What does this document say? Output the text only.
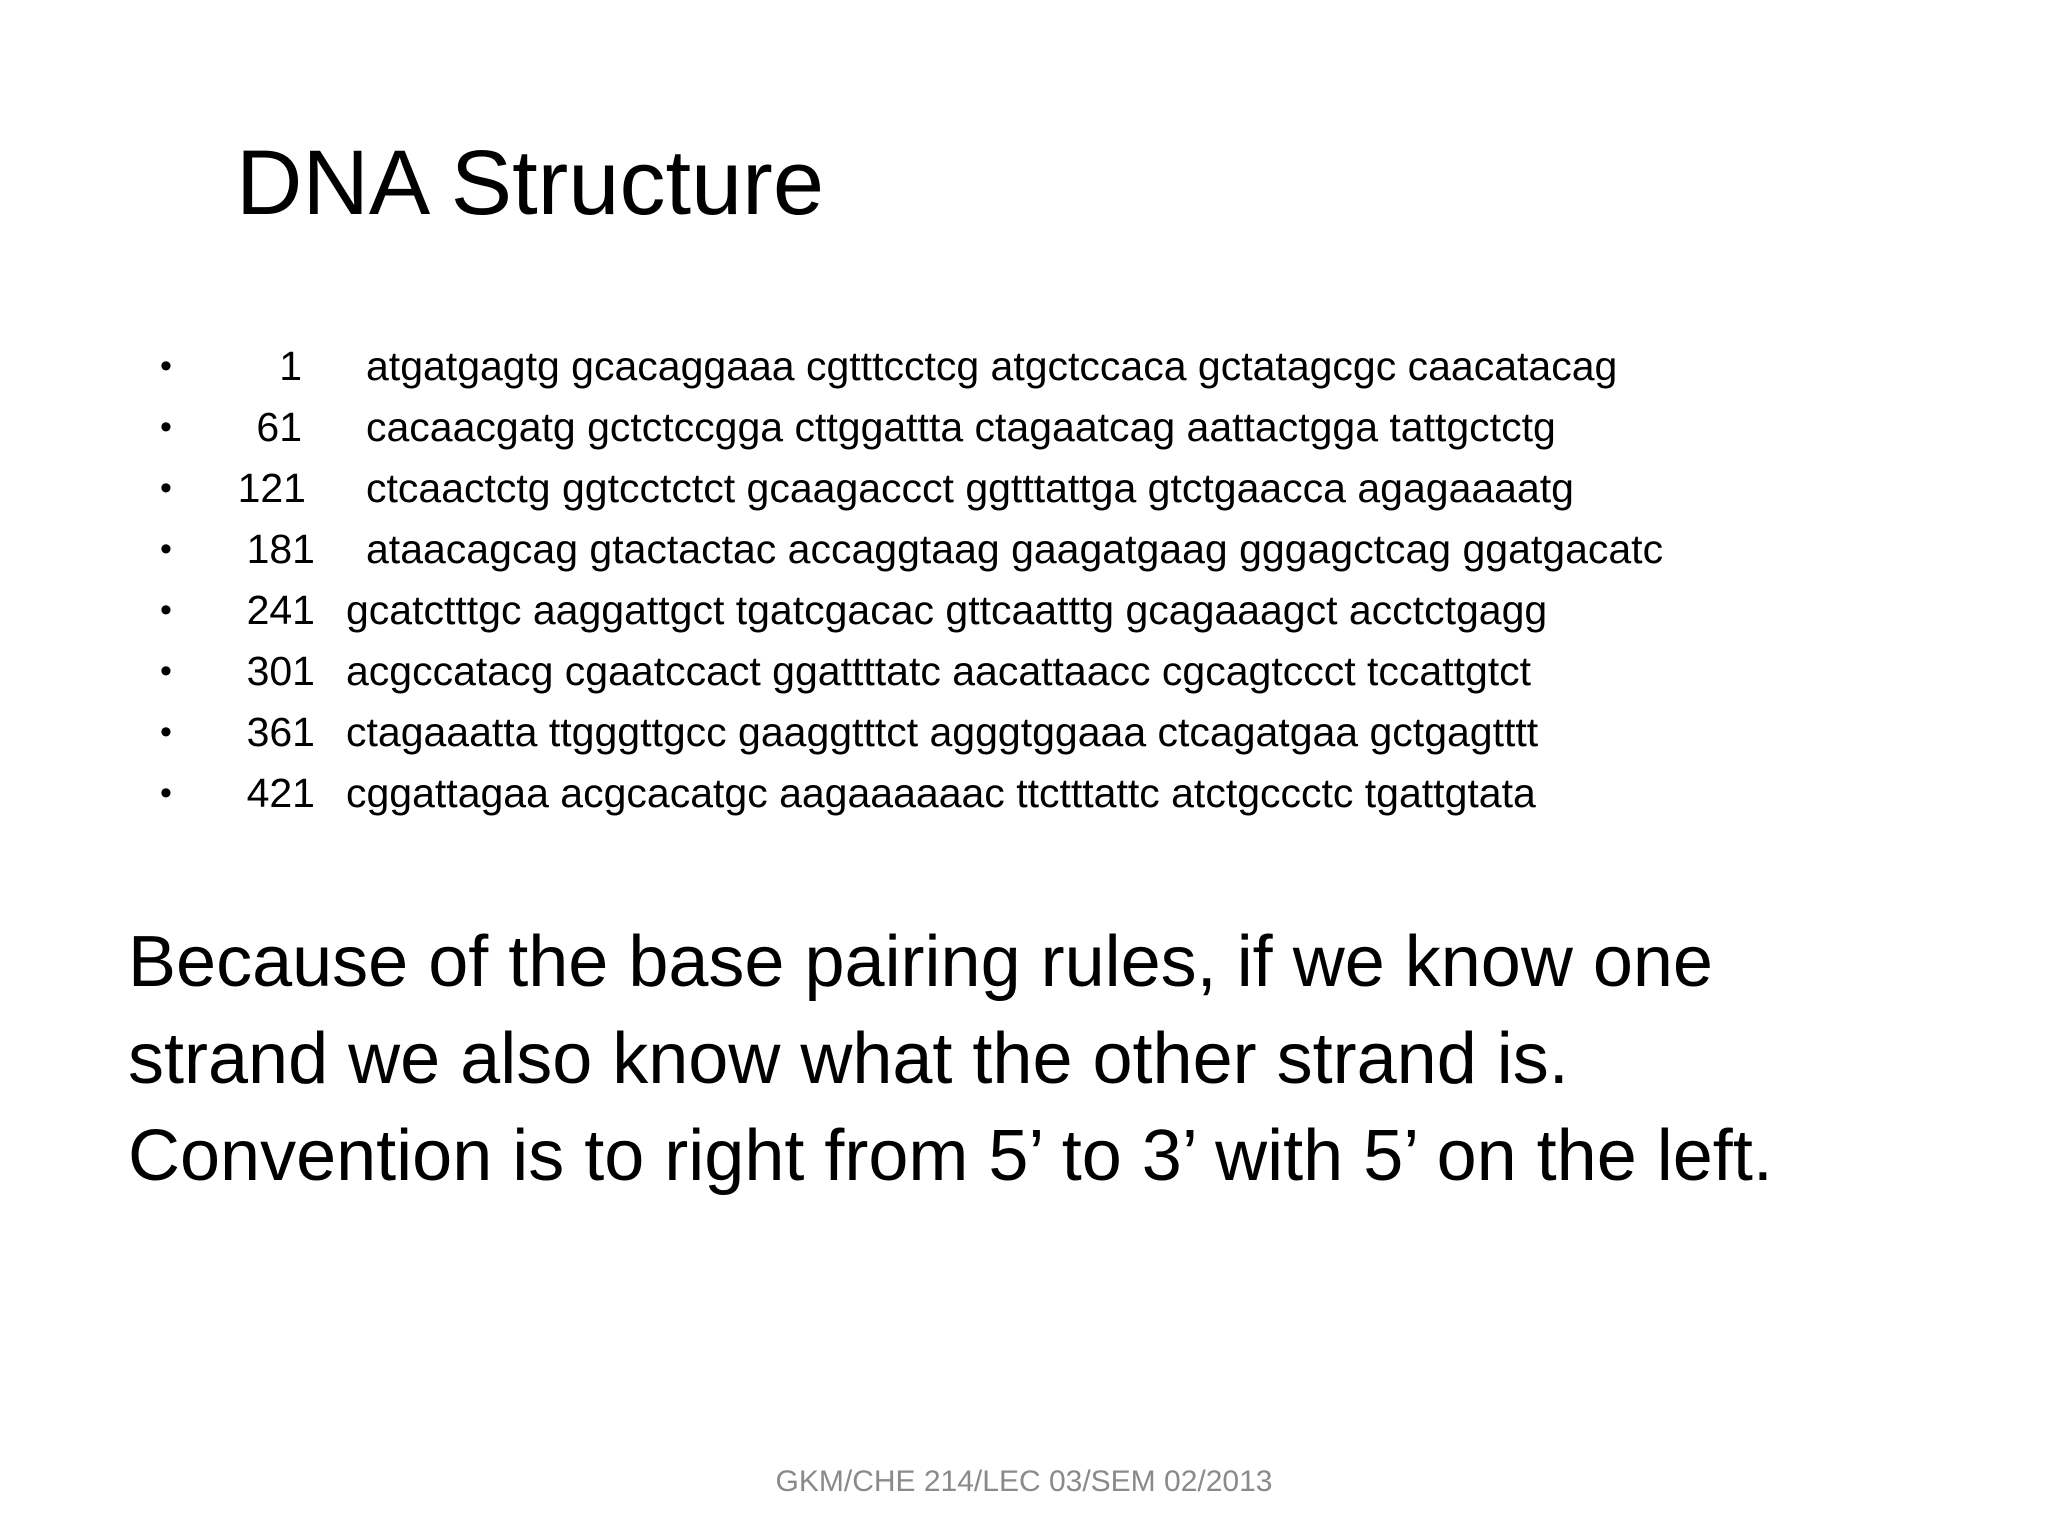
DNA Structure
•	1 atgatgagtg gcacaggaaa cgtttcctcg atgctccaca gctatagcgc caacatacag
•	61 cacaacgatg gctctccgga cttggattta ctagaatcag aattactgga tattgctctg
•	121 ctcaactctg ggtcctctct gcaagaccct ggtttattga gtctgaacca agagaaaatg
•	181 ataacagcag gtactactac accaggtaag gaagatgaag gggagctcag ggatgacatc
•	241 gcatctttgc aaggattgct tgatcgacac gttcaatttg gcagaaagct acctctgagg
•	301 acgccatacg cgaatccact ggattttatc aacattaacc cgcagtccct tccattgtct
•	361 ctagaaatta ttgggttgcc gaaggtttct agggtggaaa ctcagatgaa gctgagtttt
•	421 cggattagaa acgcacatgc aagaaaaaac ttctttattc atctgccctc tgattgtata
Because of the base pairing rules, if we know one
strand we also know what the other strand is.
Convention is to right from 5’ to 3’ with 5’ on the left.
GKM/CHE 214/LEC 03/SEM 02/2013
